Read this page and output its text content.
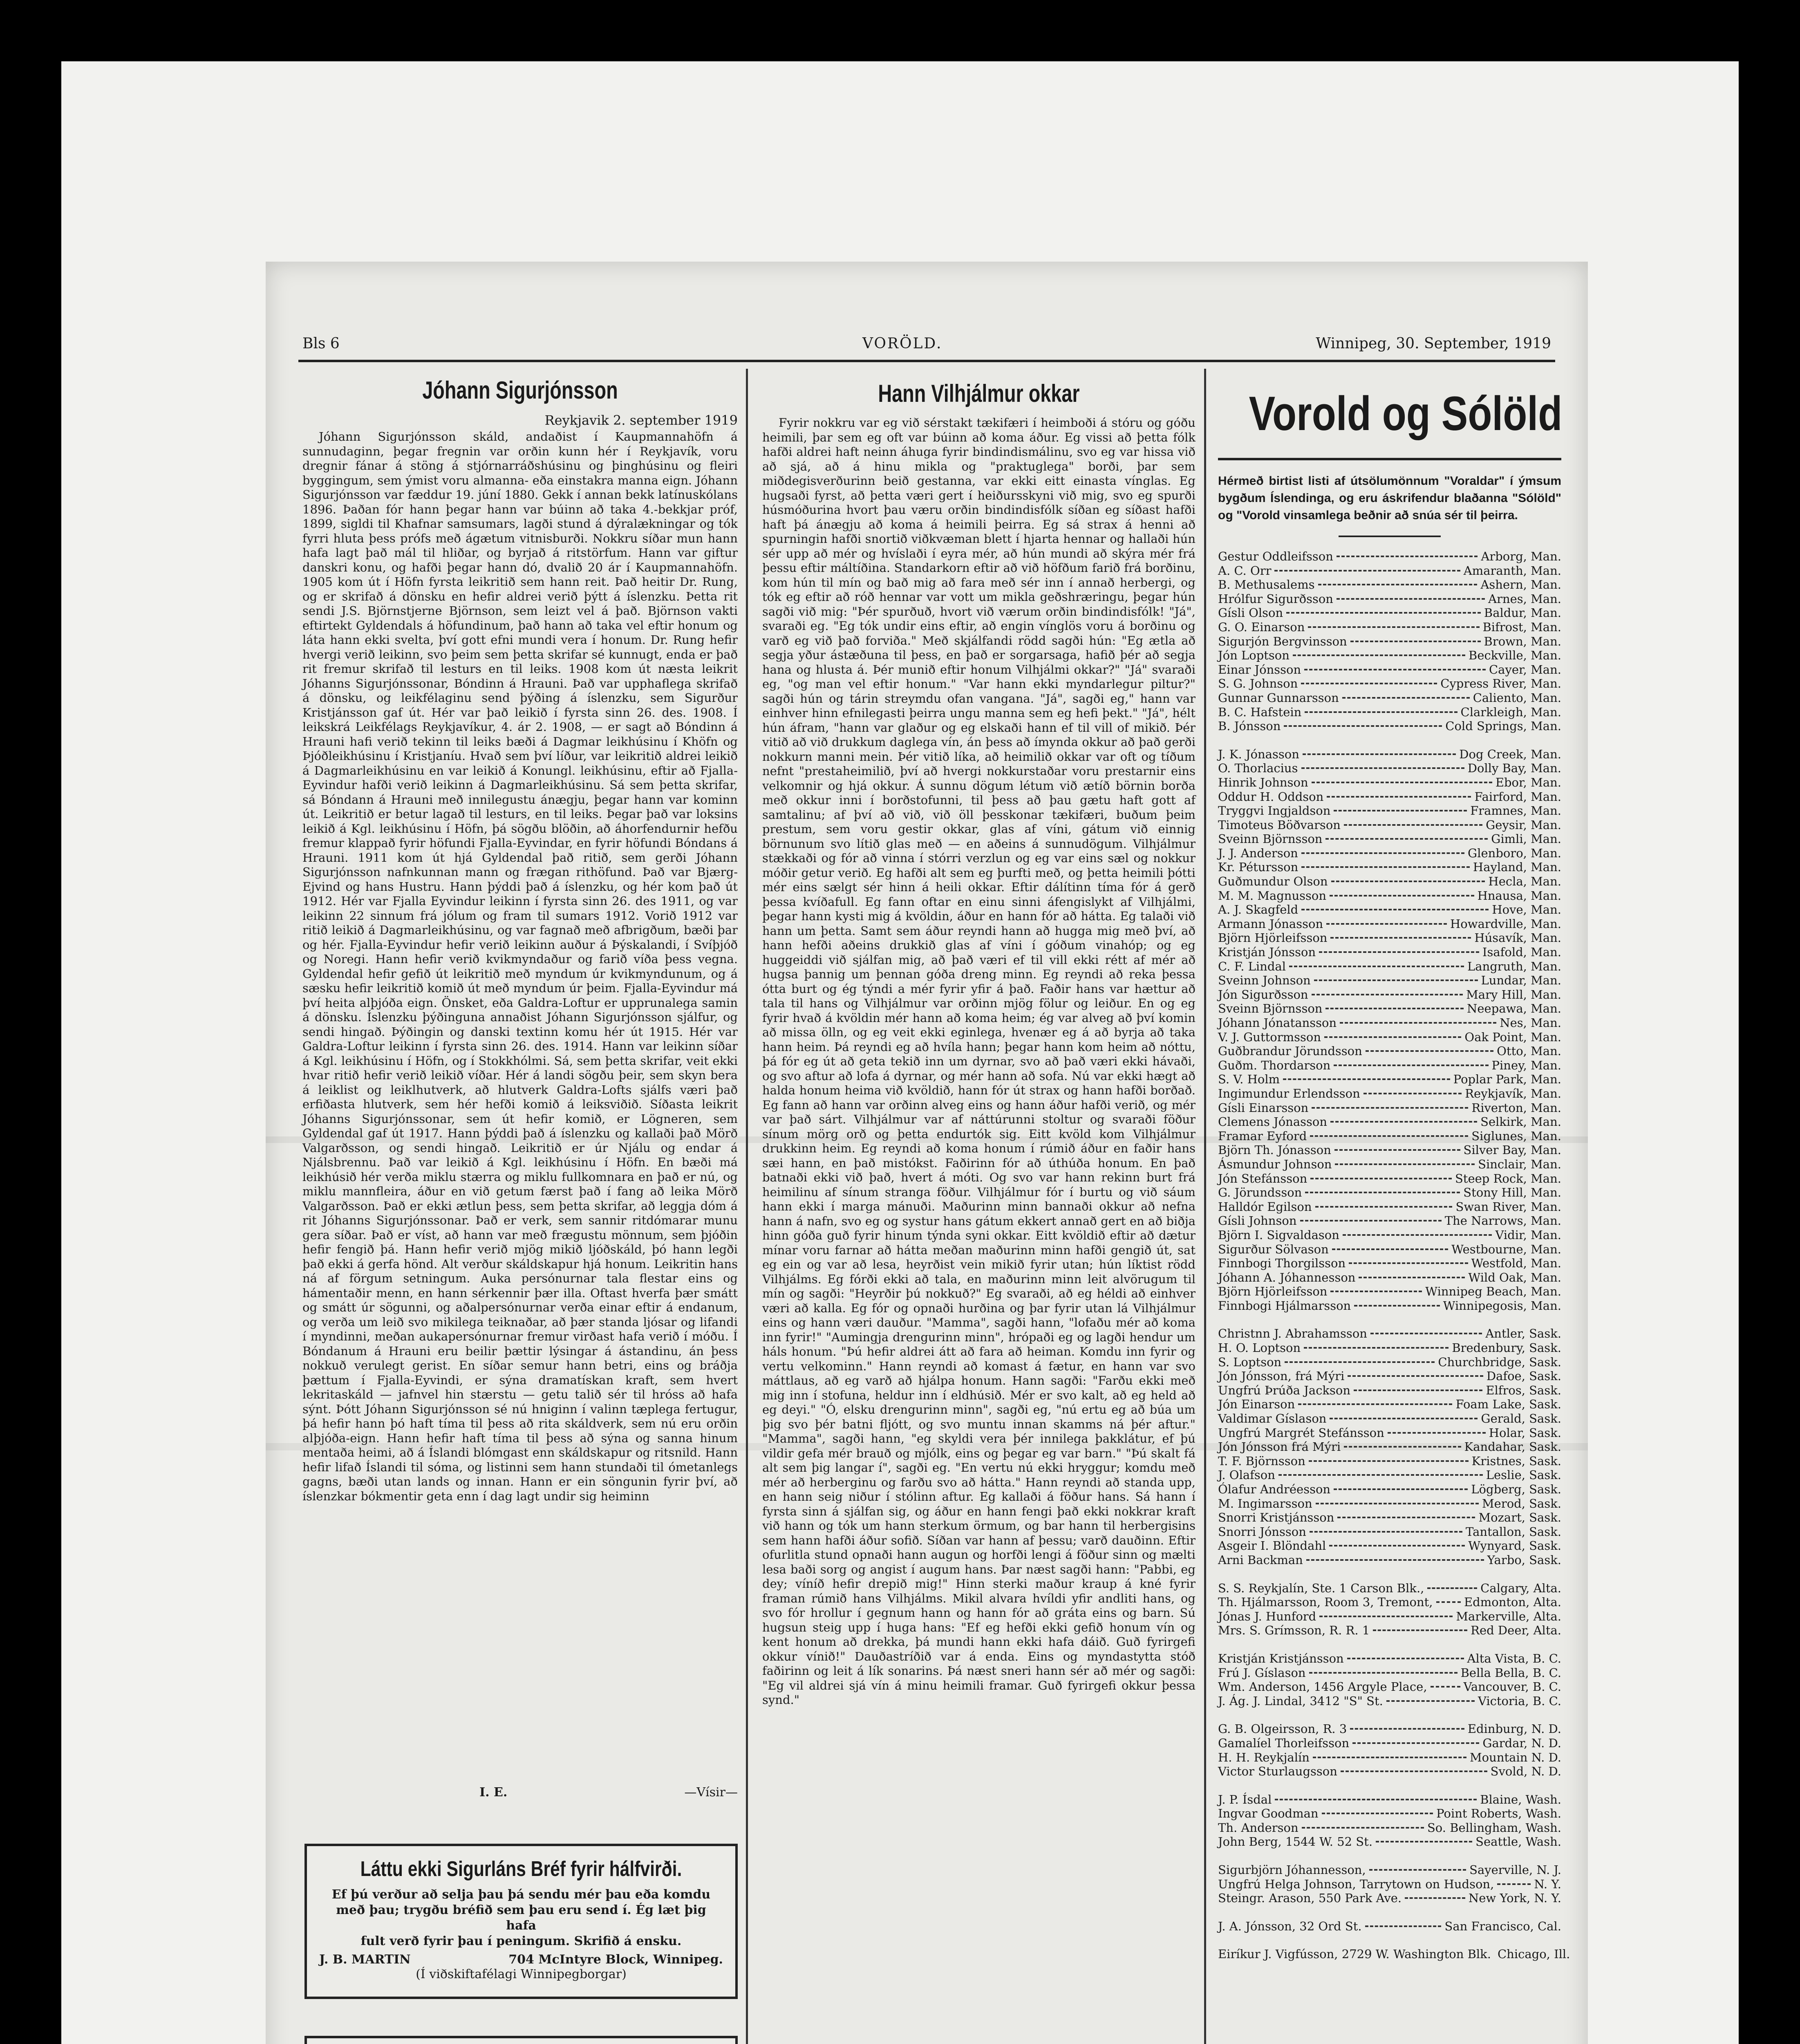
Bls 6	VORÖLD.	Winnipeg, 30. September, 1919
Jóhann Sigurjónsson
Reykjavik 2. september 1919

Jóhann Sigurjónsson skáld, andaðist í Kaupmannahöfn á sunnudaginn, þegar fregnin var orðin kunn hér í Reykjavík, voru dregnir fánar á stöng á stjórnarráðshúsinu og þinghúsinu og fleiri byggingum, sem ýmist voru almanna- eða einstakra manna eign. Jóhann Sigurjónsson var fæddur 19. júní 1880. Gekk í annan bekk latínuskólans 1896. Þaðan fór hann þegar hann var búinn að taka 4.-bekkjar próf, 1899, sigldi til Khafnar samsumars, lagði stund á dýralækningar og tók fyrri hluta þess prófs með ágætum vitnisburði. Nokkru síðar mun hann hafa lagt það mál til hliðar, og byrjað á ritstörfum. Hann var giftur danskri konu, og hafði þegar hann dó, dvalið 20 ár í Kaupmannahöfn. 1905 kom út í Höfn fyrsta leikritið sem hann reit. Það heitir Dr. Rung, og er skrifað á dönsku en hefir aldrei verið þýtt á íslenzku. Þetta rit sendi J.S. Björnstjerne Björnson, sem leizt vel á það. Björnson vakti eftirtekt Gyldendals á höfundinum, það hann að taka vel eftir honum og láta hann ekki svelta, því gott efni mundi vera í honum. Dr. Rung hefir hvergi verið leikinn, svo þeim sem þetta skrifar sé kunnugt, enda er það rit fremur skrifað til lesturs en til leiks. 1908 kom út næsta leikrit Jóhanns Sigurjónssonar, Bóndinn á Hrauni. Það var upphaflega skrifað á dönsku, og leikfélaginu send þýðing á íslenzku, sem Sigurður Kristjánsson gaf út. Hér var það leikið í fyrsta sinn 26. des. 1908. Í leikskrá Leikfélags Reykjavíkur, 4. ár 2. 1908, — er sagt að Bóndinn á Hrauni hafi verið tekinn til leiks bæði á Dagmar leikhúsinu í Khöfn og Þjóðleikhúsinu í Kristjaníu. Hvað sem því líður, var leikritið aldrei leikið á Dagmarleikhúsinu en var leikið á Konungl. leikhúsinu, eftir að Fjalla-Eyvindur hafði verið leikinn á Dagmarleikhúsinu. Sá sem þetta skrifar, sá Bóndann á Hrauni með innilegustu ánægju, þegar hann var kominn út. Leikritið er betur lagað til lesturs, en til leiks. Þegar það var loksins leikið á Kgl. leikhúsinu í Höfn, þá sögðu blöðin, að áhorfendurnir hefðu fremur klappað fyrir höfundi Fjalla-Eyvindar, en fyrir höfundi Bóndans á Hrauni. 1911 kom út hjá Gyldendal það ritið, sem gerði Jóhann Sigurjónsson nafnkunnan mann og frægan rithöfund. Það var Bjærg-Ejvind og hans Hustru. Hann þýddi það á íslenzku, og hér kom það út 1912. Hér var Fjalla Eyvindur leikinn í fyrsta sinn 26. des 1911, og var leikinn 22 sinnum frá jólum og fram til sumars 1912. Vorið 1912 var ritið leikið á Dagmarleikhúsinu, og var fagnað með afbrigðum, bæði þar og hér. Fjalla-Eyvindur hefir verið leikinn auður á Þýskalandi, í Svíþjóð og Noregi. Hann hefir verið kvikmyndaður og farið víða þess vegna. Gyldendal hefir gefið út leikritið með myndum úr kvikmyndunum, og á sæsku hefir leikritið komið út með myndum úr þeim. Fjalla-Eyvindur má því heita alþjóða eign. Önsket, eða Galdra-Loftur er upprunalega samin á dönsku. Íslenzku þýðinguna annaðist Jóhann Sigurjónsson sjálfur, og sendi hingað. Þýðingin og danski textinn komu hér út 1915. Hér var Galdra-Loftur leikinn í fyrsta sinn 26. des. 1914. Hann var leikinn síðar á Kgl. leikhúsinu í Höfn, og í Stokkhólmi. Sá, sem þetta skrifar, veit ekki hvar ritið hefir verið leikið víðar. Hér á landi sögðu þeir, sem skyn bera á leiklist og leiklhutverk, að hlutverk Galdra-Lofts sjálfs væri það erfiðasta hlutverk, sem hér hefði komið á leiksviðið. Síðasta leikrit Jóhanns Sigurjónssonar, sem út hefir komið, er Lögneren, sem Gyldendal gaf út 1917. Hann þýddi það á íslenzku og kallaði það Mörð Valgarðsson, og sendi hingað. Leikritið er úr Njálu og endar á Njálsbrennu. Það var leikið á Kgl. leikhúsinu í Höfn. En bæði má leikhúsið hér verða miklu stærra og miklu fullkomnara en það er nú, og miklu mannfleira, áður en við getum færst það í fang að leika Mörð Valgarðsson. Það er ekki ætlun þess, sem þetta skrifar, að leggja dóm á rit Jóhanns Sigurjónssonar. Það er verk, sem sannir ritdómarar munu gera síðar. Það er víst, að hann var með frægustu mönnum, sem þjóðin hefir fengið þá. Hann hefir verið mjög mikið ljóðskáld, þó hann legði það ekki á gerfa hönd. Alt verður skáldskapur hjá honum. Leikritin hans ná af förgum setningum. Auka persónurnar tala flestar eins og hámentaðir menn, en hann sérkennir þær illa. Oftast hverfa þær smátt og smátt úr sögunni, og aðalpersónurnar verða einar eftir á endanum, og verða um leið svo mikilega teiknaðar, að þær standa ljósar og lifandi í myndinni, meðan aukapersónurnar fremur virðast hafa verið í móðu. Í Bóndanum á Hrauni eru beilir þættir lýsingar á ástandinu, án þess nokkuð verulegt gerist. En síðar semur hann betri, eins og bráðja þættum í Fjalla-Eyvindi, er sýna dramatískan kraft, sem hvert lekritaskáld — jafnvel hin stærstu — getu talið sér til hróss að hafa sýnt. Þótt Jóhann Sigurjónsson sé nú hniginn í valinn tæplega fertugur, þá hefir hann þó haft tíma til þess að rita skáldverk, sem nú eru orðin alþjóða-eign. Hann hefir haft tíma til þess að sýna og sanna hinum mentaða heimi, að á Íslandi blómgast enn skáldskapur og ritsnild. Hann hefir lifað Íslandi til sóma, og listinni sem hann stundaði til ómetanlegs gagns, bæði utan lands og innan. Hann er ein söngunin fyrir því, að íslenzkar bókmentir geta enn í dag lagt undir sig heiminn

I. E.	—Vísir—
Láttu ekki Sigurláns Bréf fyrir hálfvirði.
Ef þú verður að selja þau þá sendu mér þau eða komdu
með þau; trygðu bréfið sem þau eru send í. Ég læt þig hafa
fult verð fyrir þau í peningum. Skrifið á ensku.
J. B. MARTIN	704 McIntyre Block, Winnipeg.
(Í viðskiftafélagi Winnipegborgar)
Hann Vilhjálmur okkar

Fyrir nokkru var eg við sérstakt tækifæri í heimboði á stóru og góðu heimili, þar sem eg oft var búinn að koma áður. Eg vissi að þetta fólk hafði aldrei haft neinn áhuga fyrir bindindismálinu, svo eg var hissa við að sjá, að á hinu mikla og "praktuglega" borði, þar sem miðdegisverðurinn beið gestanna, var ekki eitt einasta vínglas. Eg hugsaði fyrst, að þetta væri gert í heiðursskyni við mig, svo eg spurði húsmóðurina hvort þau væru orðin bindindisfólk síðan eg síðast hafði haft þá ánægju að koma á heimili þeirra. Eg sá strax á henni að spurningin hafði snortið viðkvæman blett í hjarta hennar og hallaði hún sér upp að mér og hvíslaði í eyra mér, að hún mundi að skýra mér frá þessu eftir máltíðina. Standarkorn eftir að við höfðum farið frá borðinu, kom hún til mín og bað mig að fara með sér inn í annað herbergi, og tók eg eftir að róð hennar var vott um mikla geðshræringu, þegar hún sagði við mig: "Þér spurðuð, hvort við værum orðin bindindisfólk! "Já", svaraði eg. "Eg tók undir eins eftir, að engin vínglös voru á borðinu og varð eg við það forviða." Með skjálfandi rödd sagði hún: "Eg ætla að segja yður ástæðuna til þess, en það er sorgarsaga, hafið þér að segja hana og hlusta á. Þér munið eftir honum Vilhjálmi okkar?" "Já" svaraði eg, "og man vel eftir honum." "Var hann ekki myndarlegur piltur?" sagði hún og tárin streymdu ofan vangana. "Já", sagði eg," hann var einhver hinn efnilegasti þeirra ungu manna sem eg hefi þekt." "Já", hélt hún áfram, "hann var glaður og eg elskaði hann ef til vill of mikið. Þér vitið að við drukkum daglega vín, án þess að ímynda okkur að það gerði nokkurn manni mein. Þér vitið líka, að heimilið okkar var oft og tíðum nefnt "prestaheimilið, því að hvergi nokkurstaðar voru prestarnir eins velkomnir og hjá okkur. Á sunnu dögum létum við ætíð börnin borða með okkur inni í borðstofunni, til þess að þau gætu haft gott af samtalinu; af því að við, við öll þesskonar tækifæri, buðum þeim prestum, sem voru gestir okkar, glas af víni, gátum við einnig börnunum svo lítið glas með — en aðeins á sunnudögum. Vilhjálmur stækkaði og fór að vinna í stórri verzlun og eg var eins sæl og nokkur móðir getur verið. Eg hafði alt sem eg þurfti með, og þetta heimili þótti mér eins sælgt sér hinn á heili okkar. Eftir dálítinn tíma fór á gerð þessa kvíðafull. Eg fann oftar en einu sinni áfengislykt af Vilhjálmi, þegar hann kysti mig á kvöldin, áður en hann fór að hátta. Eg talaði við hann um þetta. Samt sem áður reyndi hann að hugga mig með því, að hann hefði aðeins drukkið glas af víni í góðum vinahóp; og eg huggeiddi við sjálfan mig, að það væri ef til vill ekki rétt af mér að hugsa þannig um þennan góða dreng minn. Eg reyndi að reka þessa ótta burt og ég týndi a mér fyrir yfir á það. Faðir hans var hættur að tala til hans og Vilhjálmur var orðinn mjög fölur og leiður. En og eg fyrir hvað á kvöldin mér hann að koma heim; ég var alveg að því komin að missa ölln, og eg veit ekki eginlega, hvenær eg á að byrja að taka hann heim. Þá reyndi eg að hvíla hann; þegar hann kom heim að nóttu, þá fór eg út að geta tekið inn um dyrnar, svo að það væri ekki hávaði, og svo aftur að lofa á dyrnar, og mér hann að sofa. Nú var ekki hægt að halda honum heima við kvöldið, hann fór út strax og hann hafði borðað. Eg fann að hann var orðinn alveg eins og hann áður hafði verið, og mér var það sárt. Vilhjálmur var af náttúrunni stoltur og svaraði föður sínum mörg orð og þetta endurtók sig. Eitt kvöld kom Vilhjálmur drukkinn heim. Eg reyndi að koma honum í rúmið áður en faðir hans sæi hann, en það mistókst. Faðirinn fór að úthúða honum. En það batnaði ekki við það, hvert á móti. Og svo var hann rekinn burt frá heimilinu af sínum stranga föður. Vilhjálmur fór í burtu og við sáum hann ekki í marga mánuði. Maðurinn minn bannaði okkur að nefna hann á nafn, svo eg og systur hans gátum ekkert annað gert en að biðja hinn góða guð fyrir hinum týnda syni okkar. Eitt kvöldið eftir að dætur mínar voru farnar að hátta meðan maðurinn minn hafði gengið út, sat eg ein og var að lesa, heyrðist vein mikið fyrir utan; hún líktist rödd Vilhjálms. Eg fórði ekki að tala, en maðurinn minn leit alvörugum til mín og sagði: "Heyrðir þú nokkuð?" Eg svaraði, að eg héldi að einhver væri að kalla. Eg fór og opnaði hurðina og þar fyrir utan lá Vilhjálmur eins og hann væri dauður. "Mamma", sagði hann, "lofaðu mér að koma inn fyrir!" "Aumingja drengurinn minn", hrópaði eg og lagði hendur um háls honum. "Þú hefir aldrei átt að fara að heiman. Komdu inn fyrir og vertu velkominn." Hann reyndi að komast á fætur, en hann var svo máttlaus, að eg varð að hjálpa honum. Hann sagði: "Farðu ekki með mig inn í stofuna, heldur inn í eldhúsið. Mér er svo kalt, að eg held að eg deyi." "Ó, elsku drengurinn minn", sagði eg, "nú ertu eg að búa um þig svo þér batni fljótt, og svo muntu innan skamms ná þér aftur." "Mamma", sagði hann, "eg skyldi vera þér innilega þakklátur, ef þú vildir gefa mér brauð og mjólk, eins og þegar eg var barn." "Þú skalt fá alt sem þig langar í", sagði eg. "En vertu nú ekki hryggur; komdu með mér að herberginu og farðu svo að hátta." Hann reyndi að standa upp, en hann seig niður í stólinn aftur. Eg kallaði á föður hans. Sá hann í fyrsta sinn á sjálfan sig, og áður en hann fengi það ekki nokkrar kraft við hann og tók um hann sterkum örmum, og bar hann til herbergisins sem hann hafði áður sofið. Síðan var hann af þessu; varð dauðinn. Eftir ofurlitla stund opnaði hann augun og horfði lengi á föður sinn og mælti lesa baði sorg og angist í augum hans. Þar næst sagði hann: "Pabbi, eg dey; víníð hefir drepið mig!" Hinn sterki maður kraup á kné fyrir framan rúmið hans Vilhjálms. Mikil alvara hvíldi yfir andliti hans, og svo fór hrollur í gegnum hann og hann fór að gráta eins og barn. Sú hugsun steig upp í huga hans: "Ef eg hefði ekki gefið honum vín og kent honum að drekka, þá mundi hann ekki hafa dáið. Guð fyrirgefi okkur vínið!" Dauðastríðið var á enda. Eins og myndastytta stóð faðirinn og leit á lík sonarins. Þá næst sneri hann sér að mér og sagði: "Eg vil aldrei sjá vín á minu heimili framar. Guð fyrirgefi okkur þessa synd."

Vorold og Sólöld
Hérmeð birtist listi af útsölumönnum "Voraldar" í ýmsum bygðum Íslendinga, og eru áskrifendur blaðanna "Sólöld" og "Vorold vinsamlega beðnir að snúa sér til þeirra.
Gestur Oddleifsson	Arborg, Man.
A. C. Orr	Amaranth, Man.
B. Methusalems	Ashern, Man.
Hrólfur Sigurðsson	Arnes, Man.
Gísli Olson	Baldur, Man.
G. O. Einarson	Bifrost, Man.
Sigurjón Bergvinsson	Brown, Man.
Jón Loptson	Beckville, Man.
Einar Jónsson	Cayer, Man.
S. G. Johnson	Cypress River, Man.
Gunnar Gunnarsson	Caliento, Man.
B. C. Hafstein	Clarkleigh, Man.
B. Jónsson	Cold Springs, Man.
J. K. Jónasson	Dog Creek, Man.
O. Thorlacius	Dolly Bay, Man.
Hinrik Johnson	Ebor, Man.
Oddur H. Oddson	Fairford, Man.
Tryggvi Ingjaldson	Framnes, Man.
Timoteus Böðvarson	Geysir, Man.
Sveinn Björnsson	Gimli, Man.
J. J. Anderson	Glenboro, Man.
Kr. Pétursson	Hayland, Man.
Guðmundur Olson	Hecla, Man.
M. M. Magnusson	Hnausa, Man.
A. J. Skagfeld	Hove, Man.
Armann Jónasson	Howardville, Man.
Björn Hjörleifsson	Húsavík, Man.
Kristján Jónsson	Isafold, Man.
C. F. Lindal	Langruth, Man.
Sveinn Johnson	Lundar, Man.
Jón Sigurðsson	Mary Hill, Man.
Sveinn Björnsson	Neepawa, Man.
Jóhann Jónatansson	Nes, Man.
V. J. Guttormsson	Oak Point, Man.
Guðbrandur Jörundsson	Otto, Man.
Guðm. Thordarson	Piney, Man.
S. V. Holm	Poplar Park, Man.
Ingimundur Erlendsson	Reykjavík, Man.
Gísli Einarsson	Riverton, Man.
Clemens Jónasson	Selkirk, Man.
Framar Eyford	Siglunes, Man.
Björn Th. Jónasson	Silver Bay, Man.
Ásmundur Johnson	Sinclair, Man.
Jón Stefánsson	Steep Rock, Man.
G. Jörundsson	Stony Hill, Man.
Halldór Egilson	Swan River, Man.
Gísli Johnson	The Narrows, Man.
Björn I. Sigvaldason	Vidir, Man.
Sigurður Sölvason	Westbourne, Man.
Finnbogi Thorgilsson	Westfold, Man.
Jóhann A. Jóhannesson	Wild Oak, Man.
Björn Hjörleifsson	Winnipeg Beach, Man.
Finnbogi Hjálmarsson	Winnipegosis, Man.
Christnn J. Abrahamsson	Antler, Sask.
H. O. Loptson	Bredenbury, Sask.
S. Loptson	Churchbridge, Sask.
Jón Jónsson, frá Mýri	Dafoe, Sask.
Ungfrú Þrúða Jackson	Elfros, Sask.
Jón Einarson	Foam Lake, Sask.
Valdimar Gíslason	Gerald, Sask.
Ungfrú Margrét Stefánsson	Holar, Sask.
Jón Jónsson frá Mýri	Kandahar, Sask.
T. F. Björnsson	Kristnes, Sask.
J. Olafson	Leslie, Sask.
Ólafur Andréesson	Lögberg, Sask.
M. Ingimarsson	Merod, Sask.
Snorri Kristjánsson	Mozart, Sask.
Snorri Jónsson	Tantallon, Sask.
Asgeir I. Blöndahl	Wynyard, Sask.
Arni Backman	Yarbo, Sask.
S. S. Reykjalín, Ste. 1 Carson Blk.,	Calgary, Alta.
Th. Hjálmarsson, Room 3, Tremont,	Edmonton, Alta.
Jónas J. Hunford	Markerville, Alta.
Mrs. S. Grímsson, R. R. 1	Red Deer, Alta.
Kristján Kristjánsson	Alta Vista, B. C.
Frú J. Gíslason	Bella Bella, B. C.
Wm. Anderson, 1456 Argyle Place,	Vancouver, B. C.
J. Ág. J. Lindal, 3412 "S" St.	Victoria, B. C.
G. B. Olgeirsson, R. 3	Edinburg, N. D.
Gamalíel Thorleifsson	Gardar, N. D.
H. H. Reykjalín	Mountain N. D.
Victor Sturlaugsson	Svold, N. D.
J. P. Ísdal	Blaine, Wash.
Ingvar Goodman	Point Roberts, Wash.
Th. Anderson	So. Bellingham, Wash.
John Berg, 1544 W. 52 St.	Seattle, Wash.
Sigurbjörn Jóhannesson,	Sayerville, N. J.
Ungfrú Helga Johnson, Tarrytown on Hudson,	N. Y.
Steingr. Arason, 550 Park Ave.	New York, N. Y.
J. A. Jónsson, 32 Ord St.	San Francisco, Cal.
Eiríkur J. Vigfússon, 2729 W. Washington Blk. Chicago, Ill.
